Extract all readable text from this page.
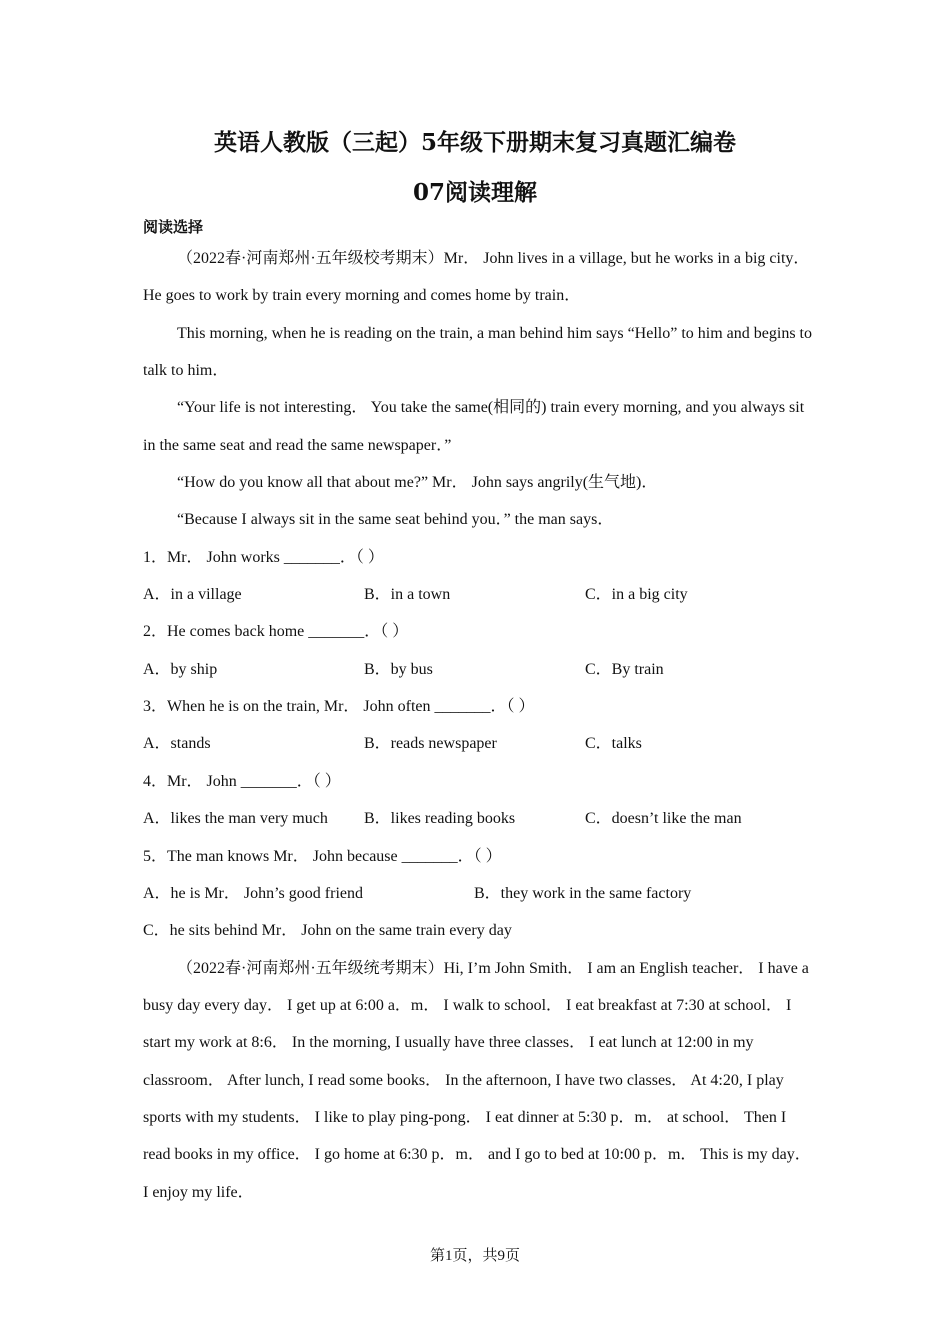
英语人教版（三起）5年级下册期末复习真题汇编卷
07阅读理解
阅读选择

（2022春·河南郑州·五年级校考期末）Mr． John lives in a village, but he works in a big city． He goes to work by train every morning and comes home by train．

This morning, when he is reading on the train, a man behind him says “Hello” to him and begins to talk to him．

“Your life is not interesting． You take the same(相同的) train every morning, and you always sit in the same seat and read the same newspaper．”

“How do you know all that about me?” Mr． John says angrily(生气地)．

“Because I always sit in the same seat behind you．” the man says．

1．Mr． John works _______．（ ）

A．in a village	B．in a town	C．in a big city

2．He comes back home _______．（ ）

A．by ship	B．by bus	C．By train

3．When he is on the train, Mr． John often _______．（ ）

A．stands	B．reads newspaper	C．talks

4．Mr． John _______．（ ）

A．likes the man very much	B．likes reading books	C．doesn’t like the man

5．The man knows Mr． John because _______．（ ）

A．he is Mr． John’s good friend	B．they work in the same factory

C．he sits behind Mr． John on the same train every day

（2022春·河南郑州·五年级统考期末）Hi, I’m John Smith． I am an English teacher． I have a busy day every day． I get up at 6:00 a．m． I walk to school． I eat breakfast at 7:30 at school． I start my work at 8:6． In the morning, I usually have three classes． I eat lunch at 12:00 in my classroom． After lunch, I read some books． In the afternoon, I have two classes． At 4:20, I play sports with my students． I like to play ping-pong． I eat dinner at 5:30 p．m． at school． Then I read books in my office． I go home at 6:30 p．m． and I go to bed at 10:00 p．m． This is my day． I enjoy my life．

第1页，共9页
